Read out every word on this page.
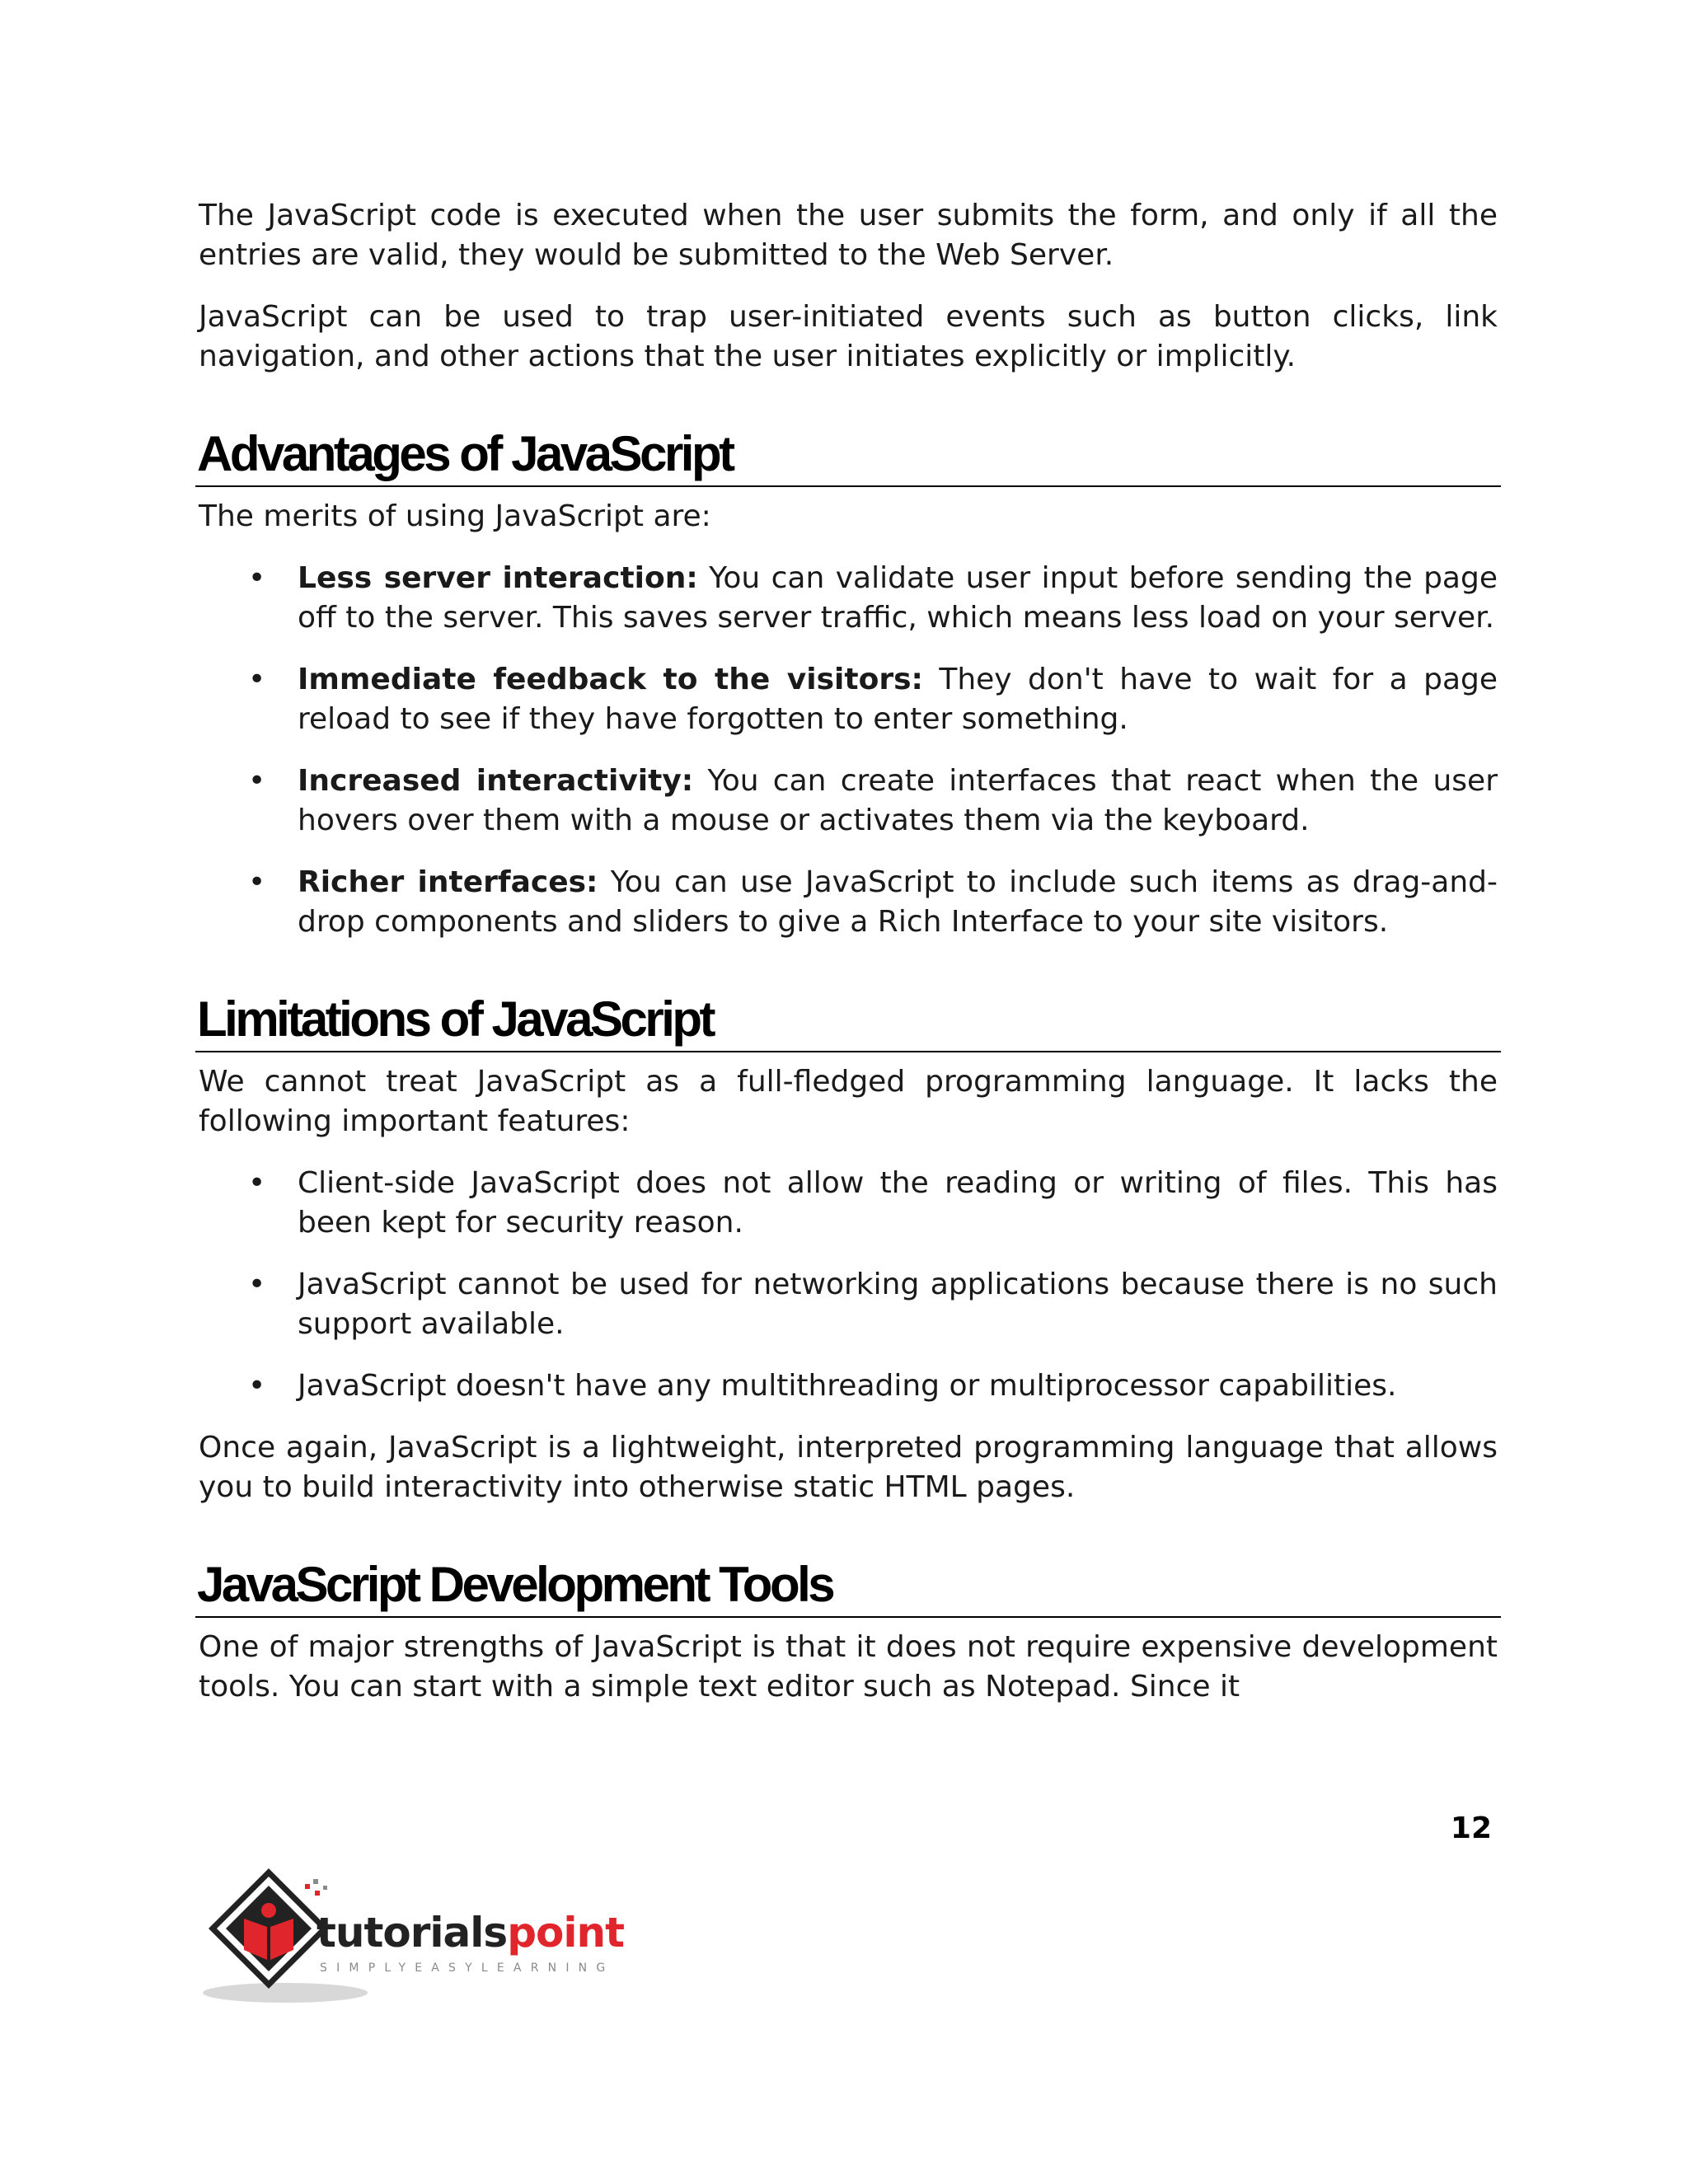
The JavaScript code is executed when the user submits the form, and only if all the entries are valid, they would be submitted to the Web Server.

JavaScript can be used to trap user-initiated events such as button clicks, link navigation, and other actions that the user initiates explicitly or implicitly.

Advantages of JavaScript

The merits of using JavaScript are:

• Less server interaction: You can validate user input before sending the page off to the server. This saves server traffic, which means less load on your server.
• Immediate feedback to the visitors: They don't have to wait for a page reload to see if they have forgotten to enter something.
• Increased interactivity: You can create interfaces that react when the user hovers over them with a mouse or activates them via the keyboard.
• Richer interfaces: You can use JavaScript to include such items as drag-and-drop components and sliders to give a Rich Interface to your site visitors.
Limitations of JavaScript

We cannot treat JavaScript as a full-fledged programming language. It lacks the following important features:

• Client-side JavaScript does not allow the reading or writing of files. This has been kept for security reason.
• JavaScript cannot be used for networking applications because there is no such support available.
• JavaScript doesn't have any multithreading or multiprocessor capabilities.

Once again, JavaScript is a lightweight, interpreted programming language that allows you to build interactivity into otherwise static HTML pages.

JavaScript Development Tools

One of major strengths of JavaScript is that it does not require expensive development tools. You can start with a simple text editor such as Notepad. Since it

12
tutorialspoint
SIMPLYEASYLEARNING
